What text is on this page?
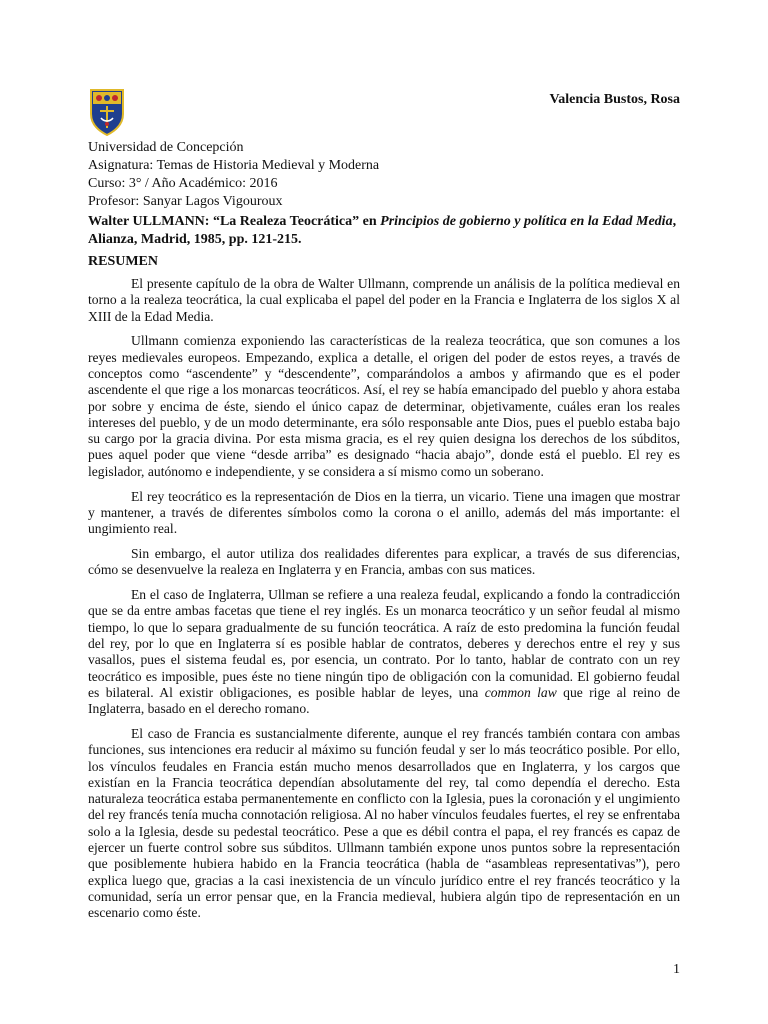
Valencia Bustos, Rosa
Universidad de Concepción
Asignatura: Temas de Historia Medieval y Moderna
Curso: 3° / Año Académico: 2016
Profesor: Sanyar Lagos Vigouroux
Walter ULLMANN: “La Realeza Teocrática” en Principios de gobierno y política en la Edad Media, Alianza, Madrid, 1985, pp. 121-215.
RESUMEN

El presente capítulo de la obra de Walter Ullmann, comprende un análisis de la política medieval en torno a la realeza teocrática, la cual explicaba el papel del poder en la Francia e Inglaterra de los siglos X al XIII de la Edad Media.

Ullmann comienza exponiendo las características de la realeza teocrática, que son comunes a los reyes medievales europeos. Empezando, explica a detalle, el origen del poder de estos reyes, a través de conceptos como “ascendente” y “descendente”, comparándolos a ambos y afirmando que es el poder ascendente el que rige a los monarcas teocráticos. Así, el rey se había emancipado del pueblo y ahora estaba por sobre y encima de éste, siendo el único capaz de determinar, objetivamente, cuáles eran los reales intereses del pueblo, y de un modo determinante, era sólo responsable ante Dios, pues el pueblo estaba bajo su cargo por la gracia divina. Por esta misma gracia, es el rey quien designa los derechos de los súbditos, pues aquel poder que viene “desde arriba” es designado “hacia abajo”, donde está el pueblo. El rey es legislador, autónomo e independiente, y se considera a sí mismo como un soberano.

El rey teocrático es la representación de Dios en la tierra, un vicario. Tiene una imagen que mostrar y mantener, a través de diferentes símbolos como la corona o el anillo, además del más importante: el ungimiento real.

Sin embargo, el autor utiliza dos realidades diferentes para explicar, a través de sus diferencias, cómo se desenvuelve la realeza en Inglaterra y en Francia, ambas con sus matices.

En el caso de Inglaterra, Ullman se refiere a una realeza feudal, explicando a fondo la contradicción que se da entre ambas facetas que tiene el rey inglés. Es un monarca teocrático y un señor feudal al mismo tiempo, lo que lo separa gradualmente de su función teocrática. A raíz de esto predomina la función feudal del rey, por lo que en Inglaterra sí es posible hablar de contratos, deberes y derechos entre el rey y sus vasallos, pues el sistema feudal es, por esencia, un contrato. Por lo tanto, hablar de contrato con un rey teocrático es imposible, pues éste no tiene ningún tipo de obligación con la comunidad. El gobierno feudal es bilateral. Al existir obligaciones, es posible hablar de leyes, una common law que rige al reino de Inglaterra, basado en el derecho romano.

El caso de Francia es sustancialmente diferente, aunque el rey francés también contara con ambas funciones, sus intenciones era reducir al máximo su función feudal y ser lo más teocrático posible. Por ello, los vínculos feudales en Francia están mucho menos desarrollados que en Inglaterra, y los cargos que existían en la Francia teocrática dependían absolutamente del rey, tal como dependía el derecho. Esta naturaleza teocrática estaba permanentemente en conflicto con la Iglesia, pues la coronación y el ungimiento del rey francés tenía mucha connotación religiosa. Al no haber vínculos feudales fuertes, el rey se enfrentaba solo a la Iglesia, desde su pedestal teocrático. Pese a que es débil contra el papa, el rey francés es capaz de ejercer un fuerte control sobre sus súbditos. Ullmann también expone unos puntos sobre la representación que posiblemente hubiera habido en la Francia teocrática (habla de “asambleas representativas”), pero explica luego que, gracias a la casi inexistencia de un vínculo jurídico entre el rey francés teocrático y la comunidad, sería un error pensar que, en la Francia medieval, hubiera algún tipo de representación en un escenario como éste.

1
